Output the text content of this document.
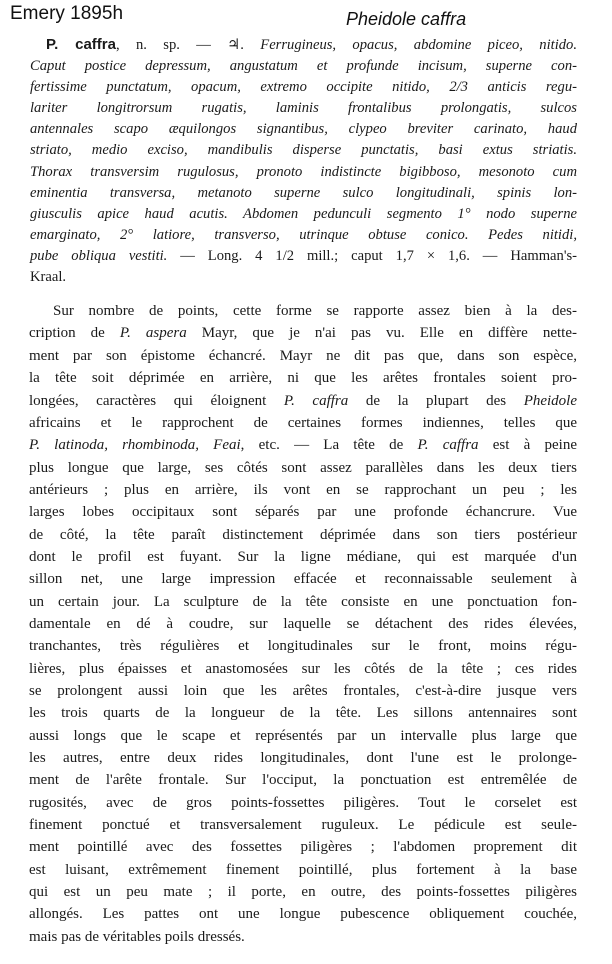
Emery 1895h	Pheidole caffra
P. caffra, n. sp. — ♃. Ferrugineus, opacus, abdomine piceo, nitido.
Caput postice depressum, angustatum et profunde incisum, superne con-
fertissime punctatum, opacum, extremo occipite nitido, 2/3 anticis regu-
lariter longitrorsum rugatis, laminis frontalibus prolongatis, sulcos
antennales scapo æquilongos signantibus, clypeo breviter carinato, haud
striato, medio exciso, mandibulis disperse punctatis, basi extus striatis.
Thorax transversim rugulosus, pronoto indistincte bigibboso, mesonoto cum
eminentia transversa, metanoto superne sulco longitudinali, spinis lon-
giusculis apice haud acutis. Abdomen pedunculi segmento 1° nodo superne
emarginato, 2° latiore, transverso, utrinque obtuse conico. Pedes nitidi,
pube obliqua vestiti. — Long. 4 1/2 mill.; caput 1,7 × 1,6. — Hamman's-
Kraal.
Sur nombre de points, cette forme se rapporte assez bien à la des-
cription de P. aspera Mayr, que je n'ai pas vu. Elle en diffère nette-
ment par son épistome échancré. Mayr ne dit pas que, dans son espèce,
la tête soit déprimée en arrière, ni que les arêtes frontales soient pro-
longées, caractères qui éloignent P. caffra de la plupart des Pheidole
africains et le rapprochent de certaines formes indiennes, telles que
P. latinoda, rhombinoda, Feai, etc. — La tête de P. caffra est à peine
plus longue que large, ses côtés sont assez parallèles dans les deux tiers
antérieurs ; plus en arrière, ils vont en se rapprochant un peu ; les
larges lobes occipitaux sont séparés par une profonde échancrure. Vue
de côté, la tête paraît distinctement déprimée dans son tiers postérieur
dont le profil est fuyant. Sur la ligne médiane, qui est marquée d'un
sillon net, une large impression effacée et reconnaissable seulement à
un certain jour. La sculpture de la tête consiste en une ponctuation fon-
damentale en dé à coudre, sur laquelle se détachent des rides élevées,
tranchantes, très régulières et longitudinales sur le front, moins régu-
lières, plus épaisses et anastomosées sur les côtés de la tête ; ces rides
se prolongent aussi loin que les arêtes frontales, c'est-à-dire jusque vers
les trois quarts de la longueur de la tête. Les sillons antennaires sont
aussi longs que le scape et représentés par un intervalle plus large que
les autres, entre deux rides longitudinales, dont l'une est le prolonge-
ment de l'arête frontale. Sur l'occiput, la ponctuation est entremêlée de
rugosités, avec de gros points-fossettes piligères. Tout le corselet est
finement ponctué et transversalement ruguleux. Le pédicule est seule-
ment pointillé avec des fossettes piligères ; l'abdomen proprement dit
est luisant, extrêmement finement pointillé, plus fortement à la base
qui est un peu mate ; il porte, en outre, des points-fossettes piligères
allongés. Les pattes ont une longue pubescence obliquement couchée,
mais pas de véritables poils dressés.
